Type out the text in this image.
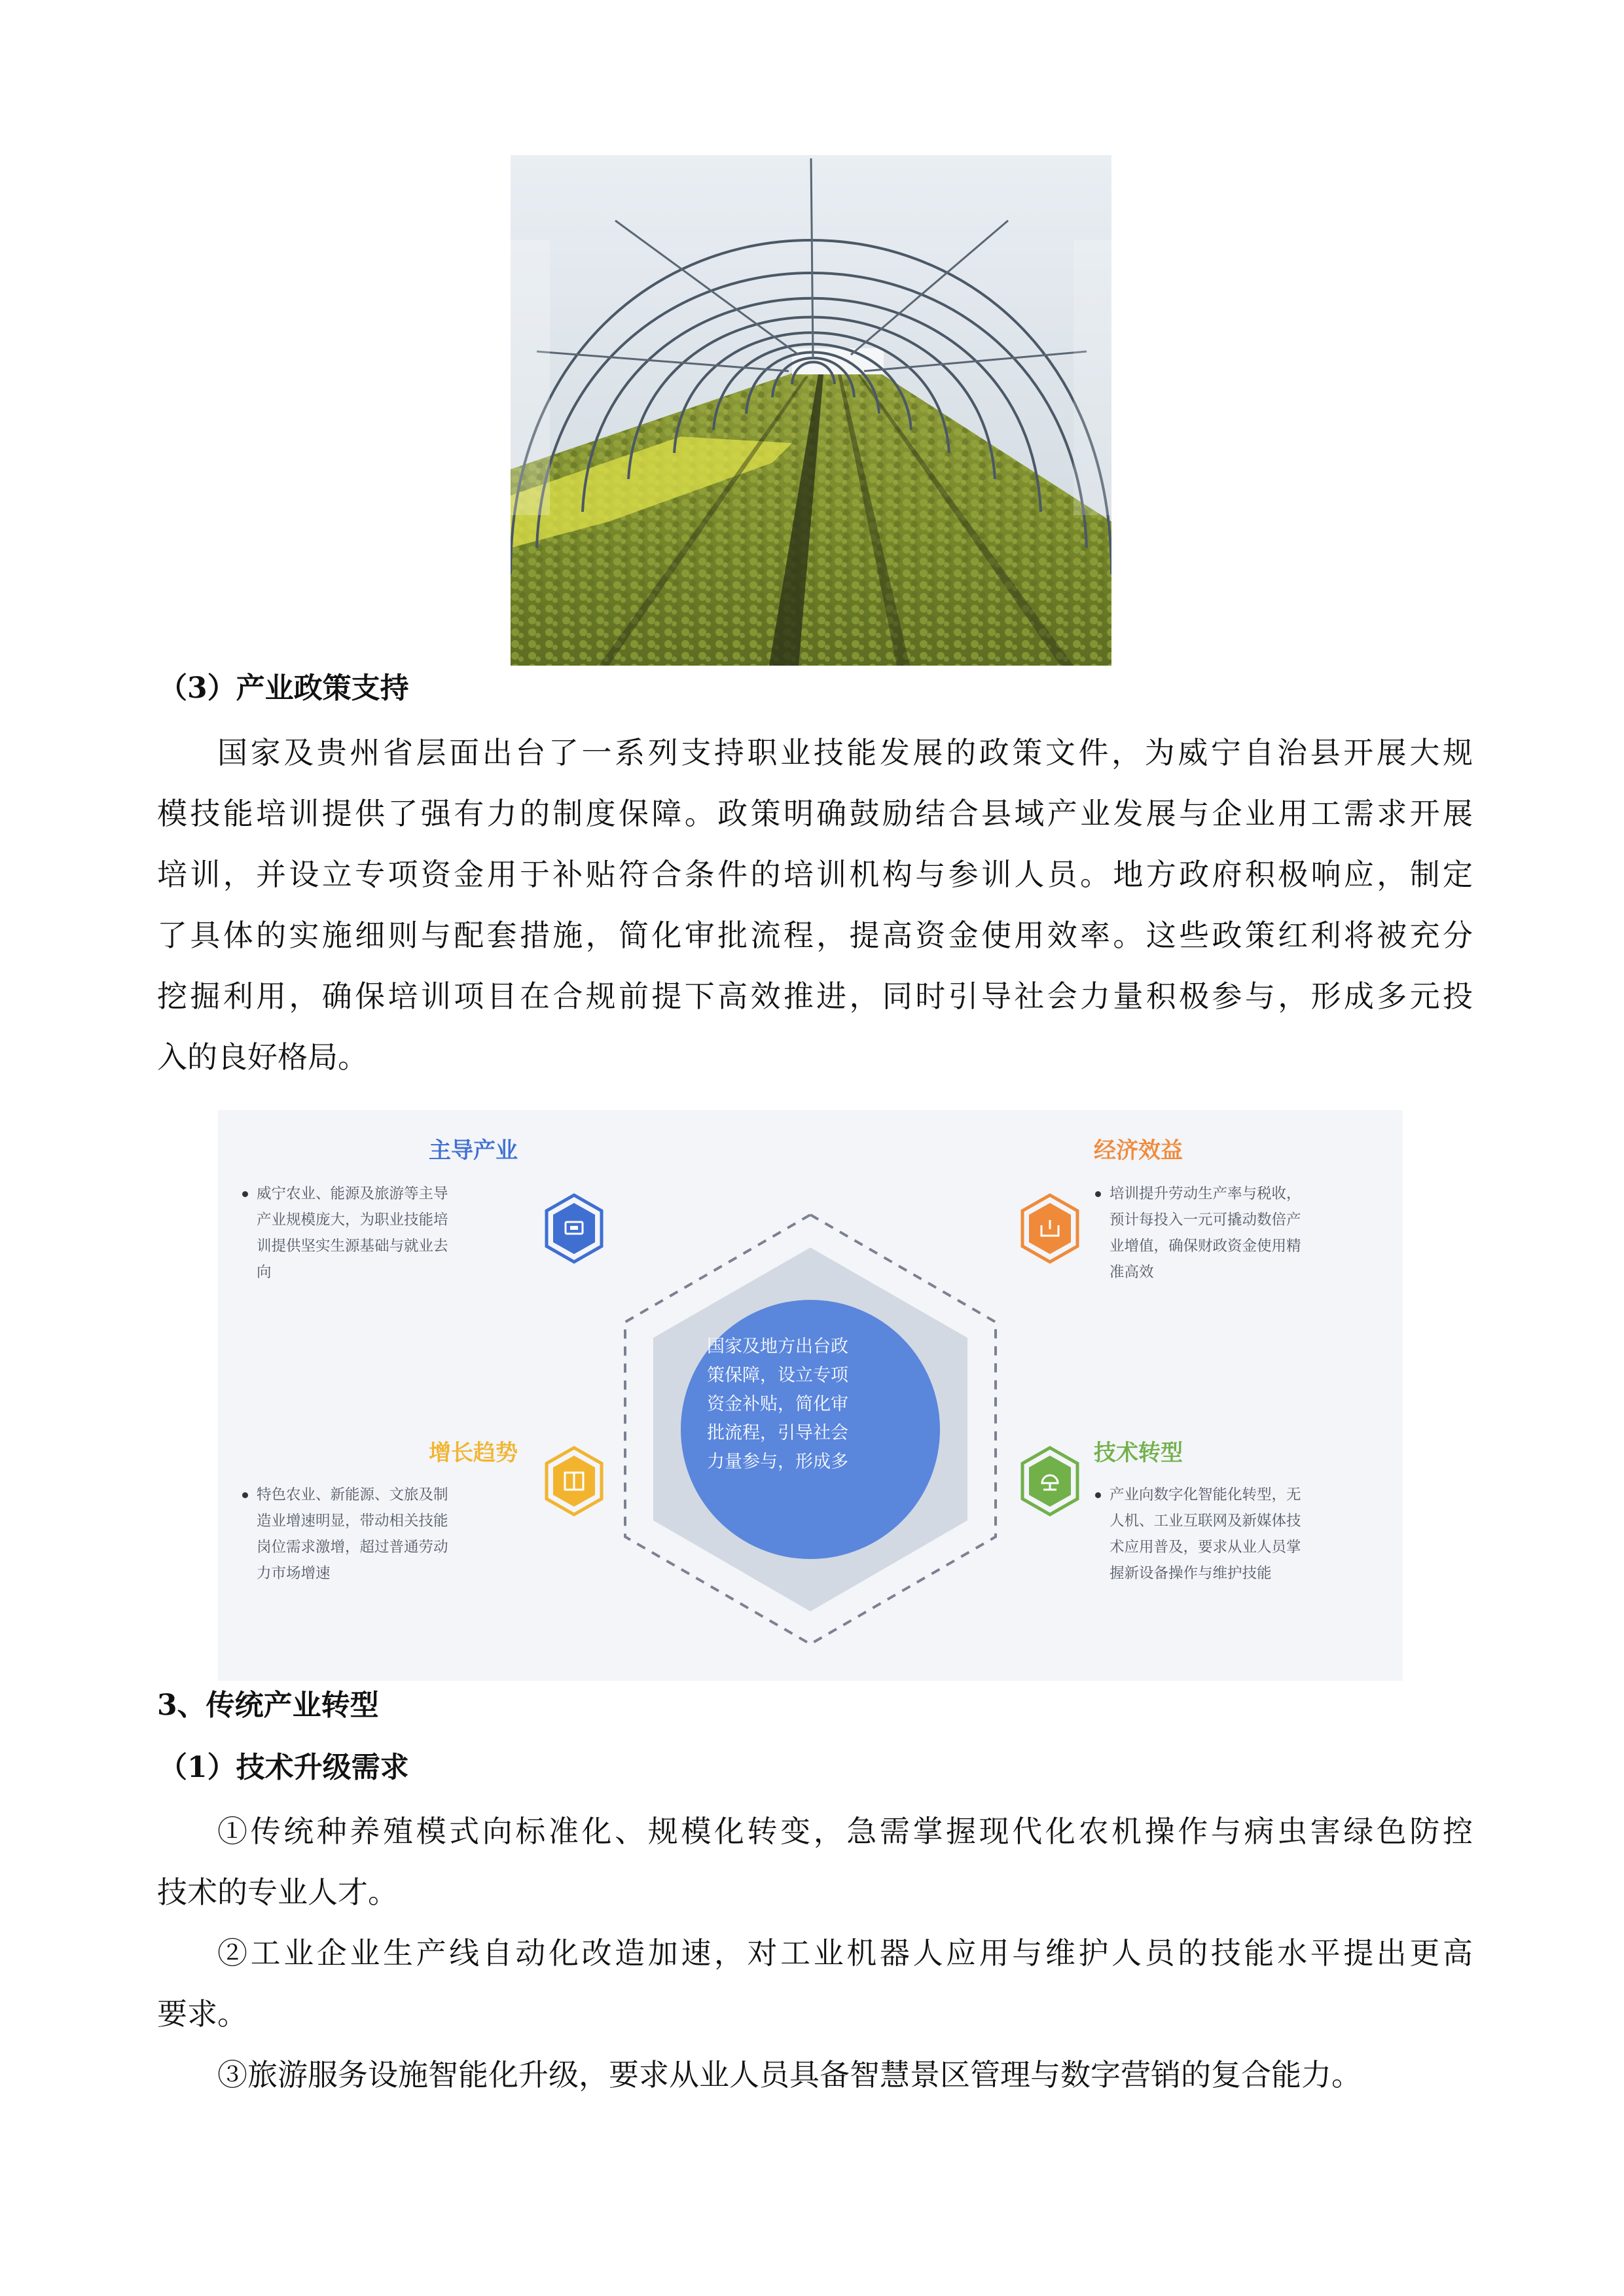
（3）产业政策支持
国家及贵州省层面出台了一系列支持职业技能发展的政策文件，为威宁自治县开展大规
模技能培训提供了强有力的制度保障。政策明确鼓励结合县域产业发展与企业用工需求开展
培训，并设立专项资金用于补贴符合条件的培训机构与参训人员。地方政府积极响应，制定
了具体的实施细则与配套措施，简化审批流程，提高资金使用效率。这些政策红利将被充分
挖掘利用，确保培训项目在合规前提下高效推进，同时引导社会力量积极参与，形成多元投
入的良好格局。
国家及地方出台政
策保障，设立专项
资金补贴，简化审
批流程，引导社会
力量参与，形成多
主导产业
威宁农业、能源及旅游等主导
产业规模庞大，为职业技能培
训提供坚实生源基础与就业去
向
经济效益
培训提升劳动生产率与税收，
预计每投入一元可撬动数倍产
业增值，确保财政资金使用精
准高效
增长趋势
特色农业、新能源、文旅及制
造业增速明显，带动相关技能
岗位需求激增，超过普通劳动
力市场增速
技术转型
产业向数字化智能化转型，无
人机、工业互联网及新媒体技
术应用普及，要求从业人员掌
握新设备操作与维护技能
3、传统产业转型
（1）技术升级需求
①传统种养殖模式向标准化、规模化转变，急需掌握现代化农机操作与病虫害绿色防控
技术的专业人才。
②工业企业生产线自动化改造加速，对工业机器人应用与维护人员的技能水平提出更高
要求。
③旅游服务设施智能化升级，要求从业人员具备智慧景区管理与数字营销的复合能力。
